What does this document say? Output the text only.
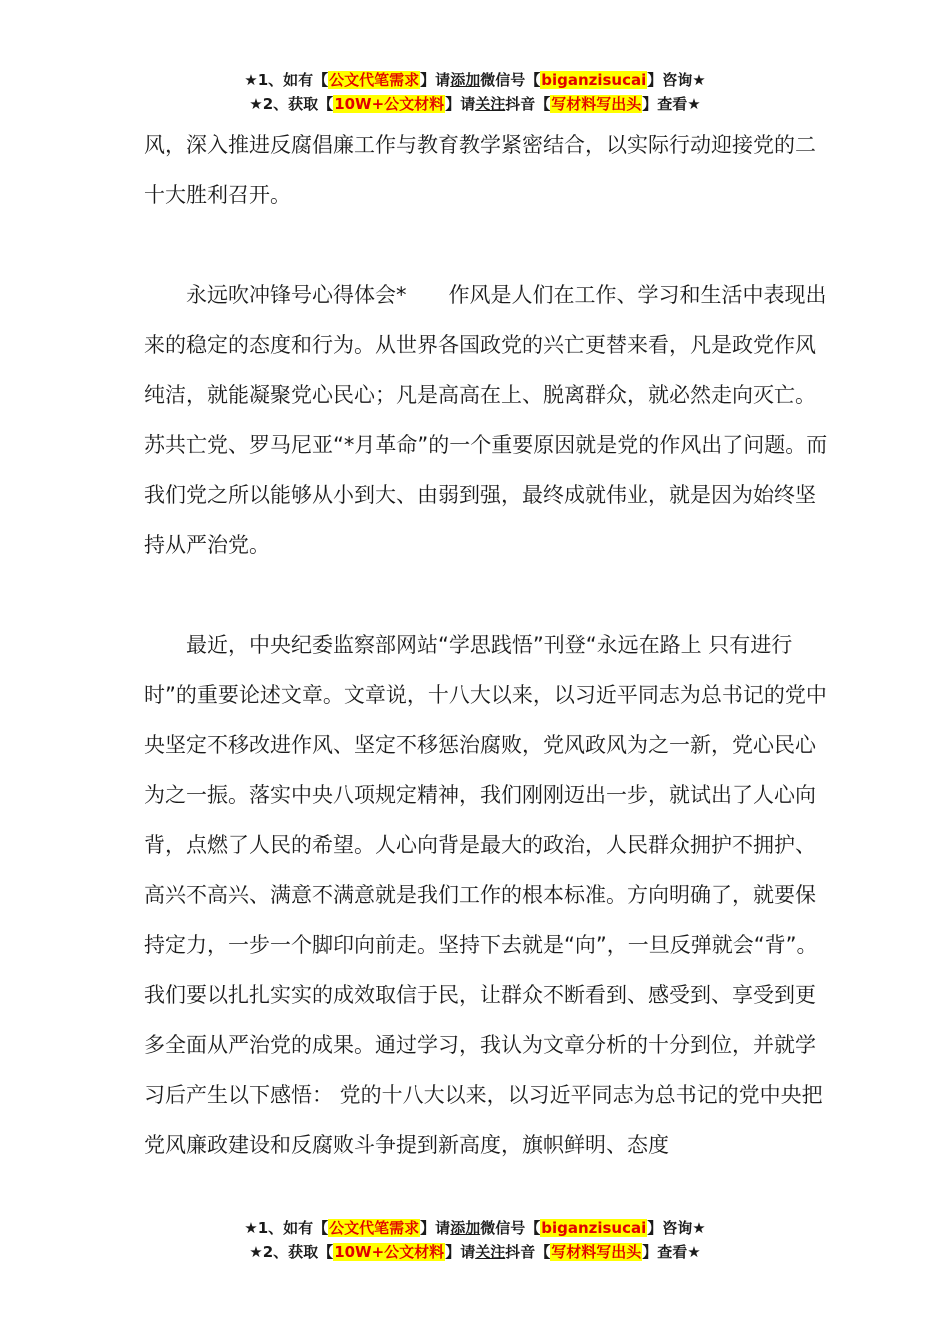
★1、如有【公文代笔需求】请添加微信号【biganzisucai】咨询★
★2、获取【10W+公文材料】请关注抖音【写材料写出头】查看★

风，深入推进反腐倡廉工作与教育教学紧密结合，以实际行动迎接党的二十大胜利召开。

永远吹冲锋号心得体会*　　作风是人们在工作、学习和生活中表现出来的稳定的态度和行为。从世界各国政党的兴亡更替来看，凡是政党作风纯洁，就能凝聚党心民心；凡是高高在上、脱离群众，就必然走向灭亡。苏共亡党、罗马尼亚“*月革命”的一个重要原因就是党的作风出了问题。而我们党之所以能够从小到大、由弱到强，最终成就伟业，就是因为始终坚持从严治党。

最近，中央纪委监察部网站“学思践悟”刊登“永远在路上 只有进行时”的重要论述文章。文章说，十八大以来，以习近平同志为总书记的党中央坚定不移改进作风、坚定不移惩治腐败，党风政风为之一新，党心民心为之一振。落实中央八项规定精神，我们刚刚迈出一步，就试出了人心向背，点燃了人民的希望。人心向背是最大的政治，人民群众拥护不拥护、高兴不高兴、满意不满意就是我们工作的根本标准。方向明确了，就要保持定力，一步一个脚印向前走。坚持下去就是“向”，一旦反弹就会“背”。我们要以扎扎实实的成效取信于民，让群众不断看到、感受到、享受到更多全面从严治党的成果。通过学习，我认为文章分析的十分到位，并就学习后产生以下感悟： 党的十八大以来，以习近平同志为总书记的党中央把党风廉政建设和反腐败斗争提到新高度，旗帜鲜明、态度

★1、如有【公文代笔需求】请添加微信号【biganzisucai】咨询★
★2、获取【10W+公文材料】请关注抖音【写材料写出头】查看★
